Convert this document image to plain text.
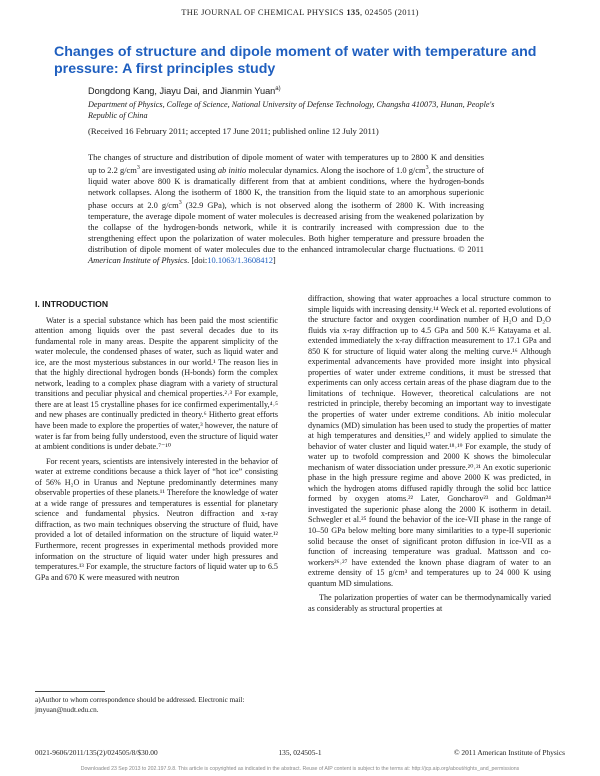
THE JOURNAL OF CHEMICAL PHYSICS 135, 024505 (2011)
Changes of structure and dipole moment of water with temperature and pressure: A first principles study
Dongdong Kang, Jiayu Dai, and Jianmin Yuan$^{a)}$
Department of Physics, College of Science, National University of Defense Technology, Changsha 410073, Hunan, People's Republic of China
(Received 16 February 2011; accepted 17 June 2011; published online 12 July 2011)
The changes of structure and distribution of dipole moment of water with temperatures up to 2800 K and densities up to 2.2 $g/cm^3$ are investigated using ab initio molecular dynamics. Along the isochore of 1.0 $g/cm^3$, the structure of liquid water above 800 K is dramatically different from that at ambient conditions, where the hydrogen-bonds network collapses. Along the isotherm of 1800 K, the transition from the liquid state to an amorphous superionic phase occurs at 2.0 $g/cm^3$ (32.9 GPa), which is not observed along the isotherm of 2800 K. With increasing temperature, the average dipole moment of water molecules is decreased arising from the weakened polarization by the collapse of the hydrogen-bonds network, while it is contrarily increased with compression due to the strengthening effect upon the polarization of water molecules. Both higher temperature and pressure broaden the distribution of dipole moment of water molecules due to the enhanced intramolecular charge fluctuations. © 2011 American Institute of Physics. [doi:10.1063/1.3608412]
I. INTRODUCTION

Water is a special substance which has been paid the most scientific attention among liquids over the past several decades due to its fundamental role in many areas. Despite the apparent simplicity of the water molecule, the condensed phases of water, such as liquid water and ice, are the most mysterious substances in our world.¹ The reason lies in that the highly directional hydrogen bonds (H-bonds) form the complex network, leading to a complex phase diagram with a variety of structural transitions and peculiar physical and chemical properties.²˒³ For example, there are at least 15 crystalline phases for ice confirmed experimentally,⁴˒⁵ and new phases are continually predicted in theory.⁶ Hitherto great efforts have been made to explore the properties of water,³ however, the nature of water is far from being fully understood, even the structure of liquid water at ambient conditions is under debate.⁷⁻¹⁰

For recent years, scientists are intensively interested in the behavior of water at extreme conditions because a thick layer of “hot ice” consisting of 56% H₂O in Uranus and Neptune predominantly determines many observable properties of these planets.¹¹ Therefore the knowledge of water at a wide range of pressures and temperatures is essential for planetary science and fundamental physics. Neutron diffraction and x-ray diffraction, as two main techniques observing the structure of fluid, have provided a lot of detailed information on the structure of liquid water.¹² Furthermore, recent progresses in experimental methods provided more information on the structure of liquid water under high pressures and temperatures.¹³ For example, the structure factors of liquid water up to 6.5 GPa and 670 K were measured with neutron

diffraction, showing that water approaches a local structure common to simple liquids with increasing density.¹⁴ Weck et al. reported evolutions of the structure factor and oxygen coordination number of H₂O and D₂O fluids via x-ray diffraction up to 4.5 GPa and 500 K.¹⁵ Katayama et al. extended immediately the x-ray diffraction measurement to 17.1 GPa and 850 K for structure of liquid water along the melting curve.¹⁶ Although experimental advancements have provided more insight into physical properties of water under extreme conditions, it must be stressed that experiments can only access certain areas of the phase diagram due to the limitations of technique. However, theoretical calculations are not restricted in principle, thereby becoming an important way to investigate the properties of water under extreme conditions. Ab initio molecular dynamics (MD) simulation has been used to study the properties of matter at high temperatures and densities,¹⁷ and widely applied to simulate the behavior of water cluster and liquid water.¹⁸˒¹⁹ For example, the study of water up to twofold compression and 2000 K shows the bimolecular mechanism of water dissociation under pressure.²⁰˒²¹ An exotic superionic phase in the high pressure regime and above 2000 K was predicted, in which the hydrogen atoms diffused rapidly through the solid bcc lattice formed by oxygen atoms.²² Later, Goncharov²³ and Goldman²⁴ investigated the superionic phase along the 2000 K isotherm in detail. Schwegler et al.²⁵ found the behavior of the ice-VII phase in the range of 10–50 GPa below melting bore many similarities to a type-II superionic solid because the onset of significant proton diffusion in ice-VII as a function of increasing temperature was gradual. Mattsson and co-workers²⁶˒²⁷ have extended the known phase diagram of water to an extreme density of 15 g/cm³ and temperatures up to 24 000 K using quantum MD simulations.

The polarization properties of water can be thermodynamically varied as considerably as structural properties at

a)Author to whom correspondence should be addressed. Electronic mail: jmyuan@nudt.edu.cn.
0021-9606/2011/135(2)/024505/8/$30.00	135, 024505-1	© 2011 American Institute of Physics
Downloaded 23 Sep 2013 to 202.197.9.8. This article is copyrighted as indicated in the abstract. Reuse of AIP content is subject to the terms at: http://jcp.aip.org/about/rights_and_permissions
